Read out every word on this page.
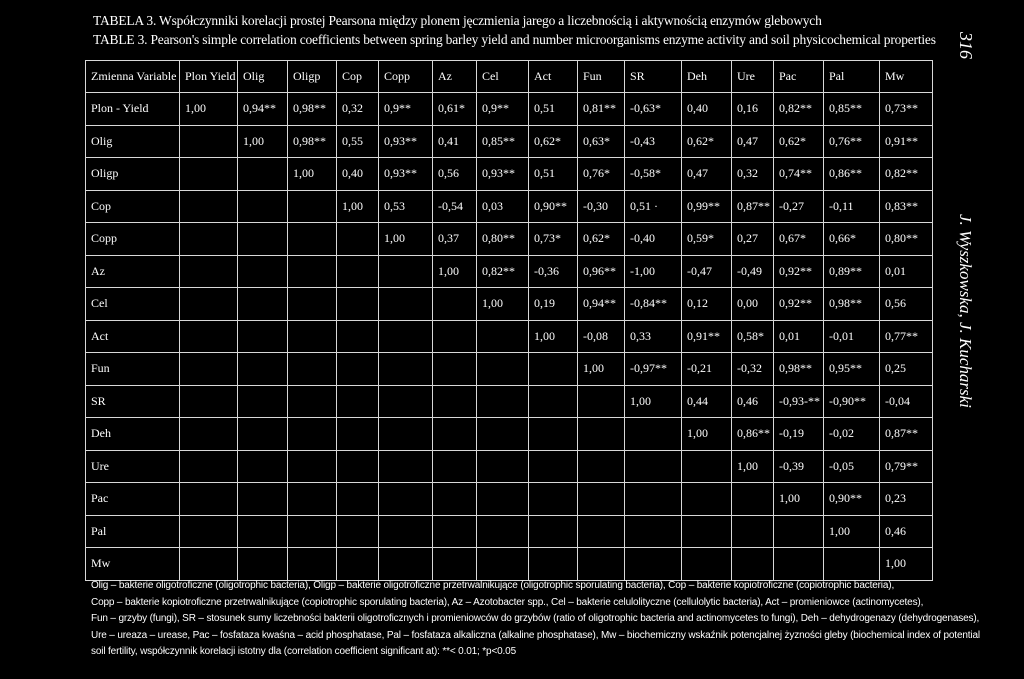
TABELA 3. Współczynniki korelacji prostej Pearsona między plonem jęczmienia jarego a liczebnością i aktywnością enzymów glebowych
TABLE 3. Pearson's simple correlation coefficients between spring barley yield and number microorganisms enzyme activity and soil physicochemical properties 316
J. Wyszkowska, J. Kucharski
Zmienna Variable	Plon Yield	Olig	Oligp	Cop	Copp	Az	Cel	Act	Fun	SR	Deh	Ure	Pac	Pal	Mw
Plon - Yield	1,00	0,94**	0,98**	0,32	0,9**	0,61*	0,9**	0,51	0,81**	-0,63*	0,40	0,16	0,82**	0,85**	0,73**
Olig		1,00	0,98**	0,55	0,93**	0,41	0,85**	0,62*	0,63*	-0,43	0,62*	0,47	0,62*	0,76**	0,91**
Oligp			1,00	0,40	0,93**	0,56	0,93**	0,51	0,76*	-0,58*	0,47	0,32	0,74**	0,86**	0,82**
Cop				1,00	0,53	-0,54	0,03	0,90**	-0,30	0,51 ·	0,99**	0,87**	-0,27	-0,11	0,83**
Copp					1,00	0,37	0,80**	0,73*	0,62*	-0,40	0,59*	0,27	0,67*	0,66*	0,80**
Az						1,00	0,82**	-0,36	0,96**	-1,00	-0,47	-0,49	0,92**	0,89**	0,01
Cel							1,00	0,19	0,94**	-0,84**	0,12	0,00	0,92**	0,98**	0,56
Act								1,00	-0,08	0,33	0,91**	0,58*	0,01	-0,01	0,77**
Fun									1,00	-0,97**	-0,21	-0,32	0,98**	0,95**	0,25
SR										1,00	0,44	0,46	-0,93-**	-0,90**	-0,04
Deh											1,00	0,86**	-0,19	-0,02	0,87**
Ure												1,00	-0,39	-0,05	0,79**
Pac													1,00	0,90**	0,23
Pal														1,00	0,46
Mw															1,00
Olig – bakterie oligotroficzne (oligotrophic bacteria), Oligp – bakterie oligotroficzne przetrwalnikujące (oligotrophic sporulating bacteria), Cop – bakterie kopiotroficzne (copiotrophic bacteria),
Copp – bakterie kopiotroficzne przetrwalnikujące (copiotrophic sporulating bacteria), Az – Azotobacter spp., Cel – bakterie celulolityczne (cellulolytic bacteria), Act – promieniowce (actinomycetes),
Fun – grzyby (fungi), SR – stosunek sumy liczebności bakterii oligotroficznych i promieniowców do grzybów (ratio of oligotrophic bacteria and actinomycetes to fungi), Deh – dehydrogenazy (dehydrogenases),
Ure – ureaza – urease, Pac – fosfataza kwaśna – acid phosphatase, Pal – fosfataza alkaliczna (alkaline phosphatase), Mw – biochemiczny wskaźnik potencjalnej żyzności gleby (biochemical index of potential
soil fertility, współczynnik korelacji istotny dla (correlation coefficient significant at): **< 0.01; *p<0.05
